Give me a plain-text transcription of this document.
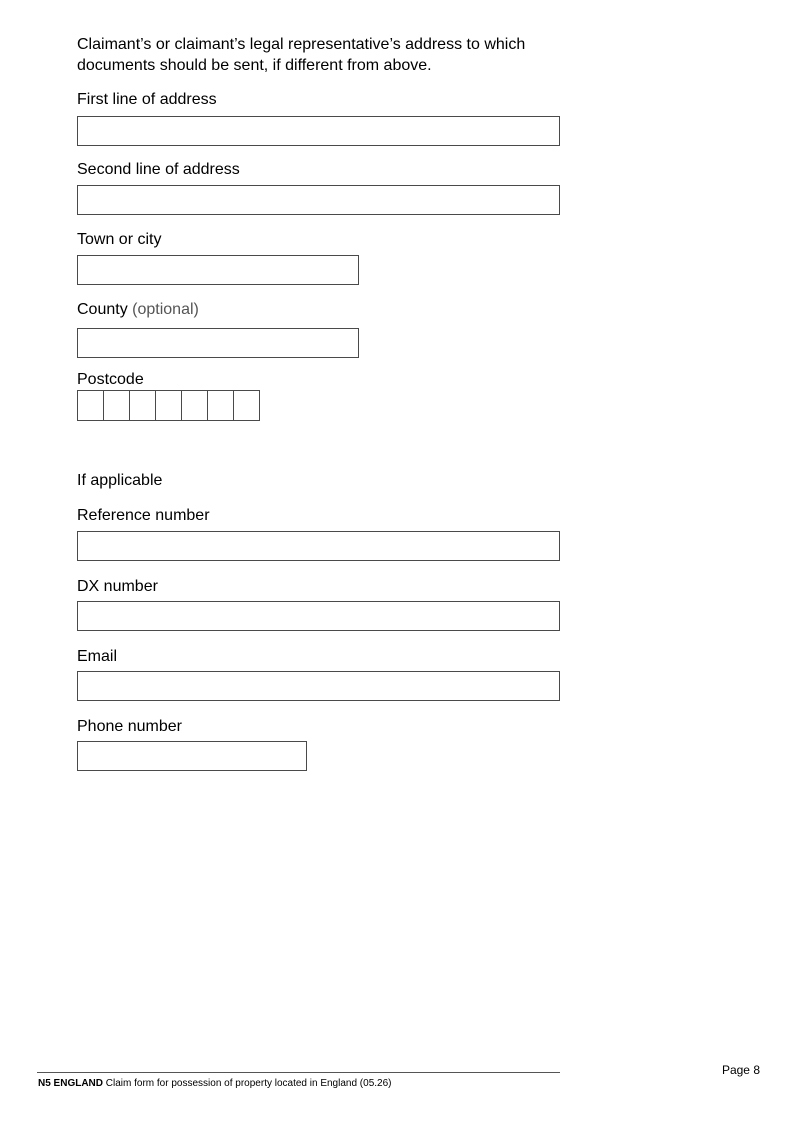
Claimant’s or claimant’s legal representative’s address to which documents should be sent, if different from above.

First line of address
Second line of address
Town or city
County (optional)
Postcode
If applicable
Reference number
DX number
Email
Phone number
Page 8
N5 ENGLAND Claim form for possession of property located in England (05.26)
